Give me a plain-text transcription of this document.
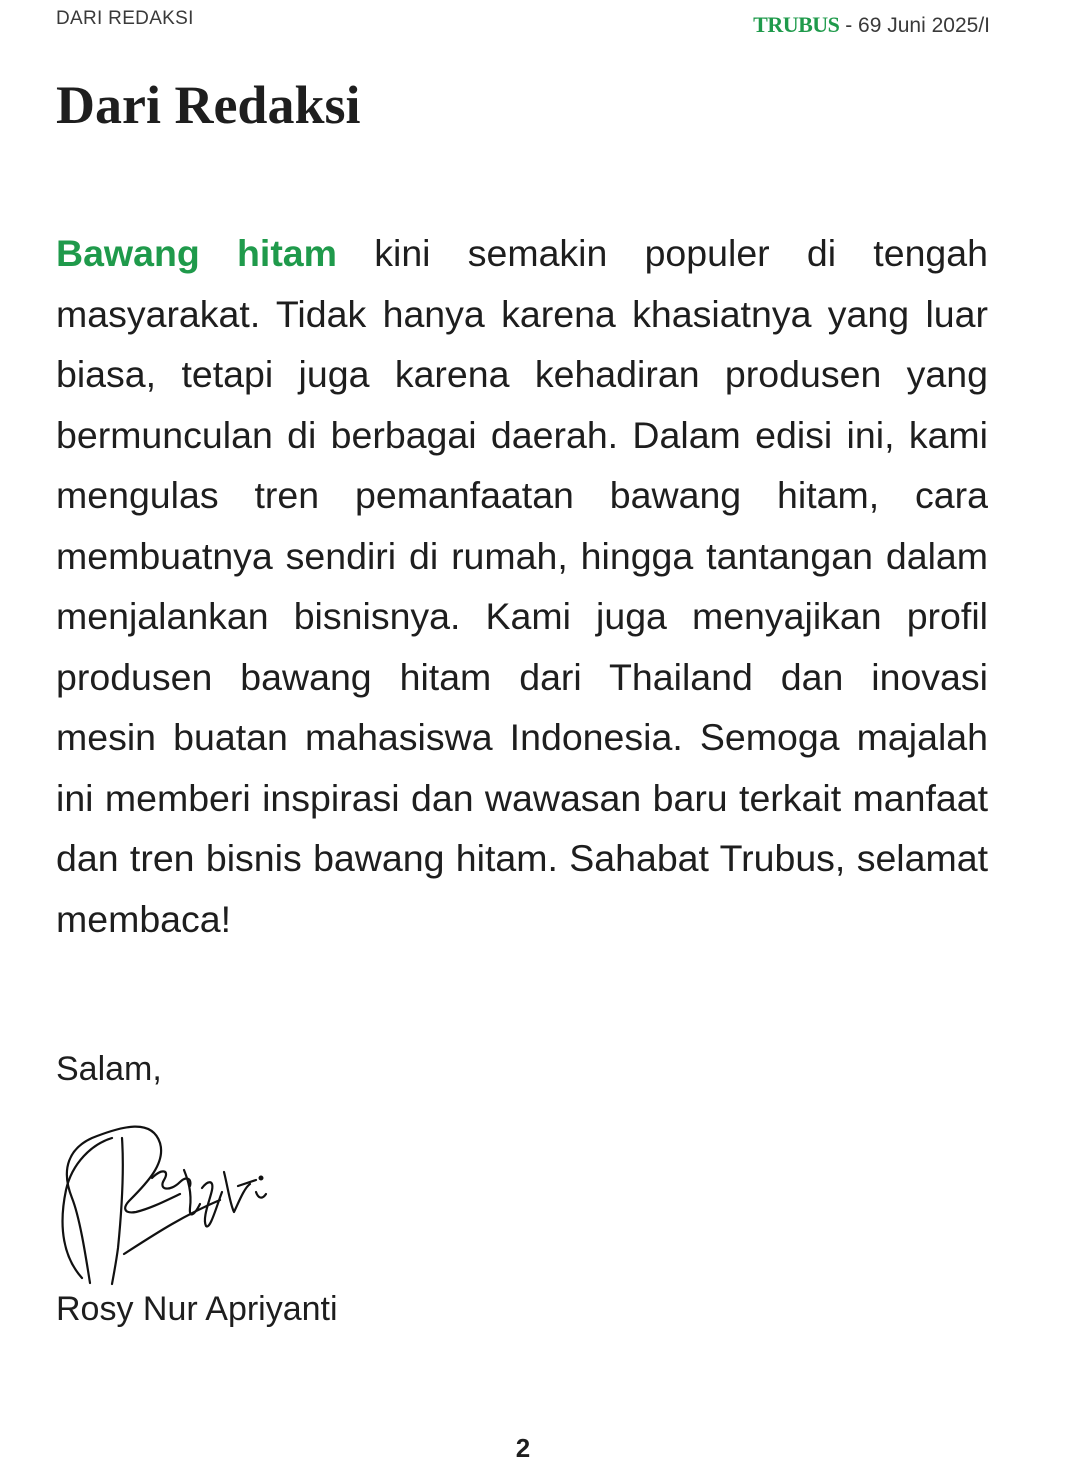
DARI REDAKSI	TRUBUS - 69 Juni 2025/I
Dari Redaksi

Bawang hitam kini semakin populer di tengah masyarakat. Tidak hanya karena khasiatnya yang luar biasa, tetapi juga karena kehadiran produsen yang bermunculan di berbagai daerah. Dalam edisi ini, kami mengulas tren pemanfaatan bawang hitam, cara membuatnya sendiri di rumah, hingga tantangan dalam menjalankan bisnisnya. Kami juga menyajikan profil produsen bawang hitam dari Thailand dan inovasi mesin buatan mahasiswa Indonesia. Semoga majalah ini memberi inspirasi dan wawasan baru terkait manfaat dan tren bisnis bawang hitam. Sahabat Trubus, selamat membaca!

Salam,
Rosy Nur Apriyanti
2
